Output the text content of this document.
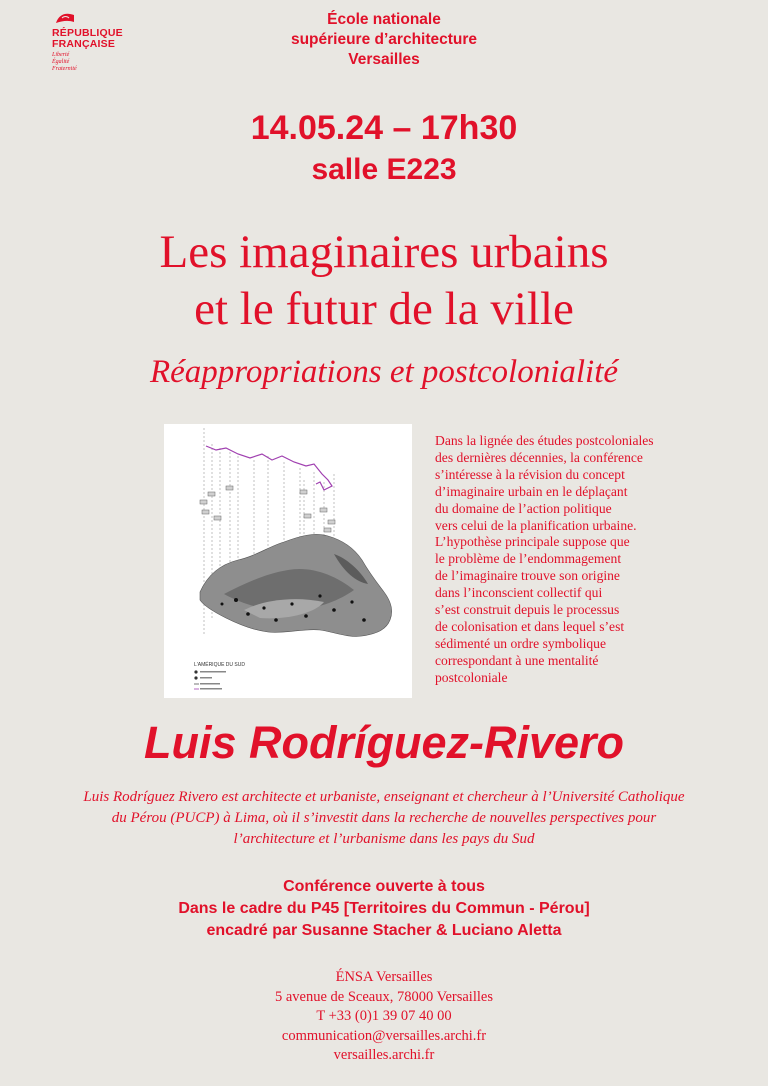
RÉPUBLIQUE
FRANÇAISE
Liberté
Égalité
Fraternité
École nationale
supérieure d’architecture
Versailles
14.05.24 – 17h30
salle E223
Les imaginaires urbains
et le futur de la ville
Réappropriations et postcolonialité
L'AMÉRIQUE DU SUD
Dans la lignée des études postcoloniales
des dernières décennies, la conférence
s’intéresse à la révision du concept
d’imaginaire urbain en le déplaçant
du domaine de l’action politique
vers celui de la planification urbaine.
L’hypothèse principale suppose que
le problème de l’endommagement
de l’imaginaire trouve son origine
dans l’inconscient collectif qui
s’est construit depuis le processus
de colonisation et dans lequel s’est
sédimenté un ordre symbolique
correspondant à une mentalité
postcoloniale
Luis Rodríguez-Rivero
Luis Rodríguez Rivero est architecte et urbaniste, enseignant et chercheur à l’Université Catholique
du Pérou (PUCP) à Lima, où il s’investit dans la recherche de nouvelles perspectives pour
l’architecture et l’urbanisme dans les pays du Sud
Conférence ouverte à tous
Dans le cadre du P45 [Territoires du Commun - Pérou]
encadré par Susanne Stacher & Luciano Aletta
ÉNSA Versailles
5 avenue de Sceaux, 78000 Versailles
T +33 (0)1 39 07 40 00
communication@versailles.archi.fr
versailles.archi.fr
